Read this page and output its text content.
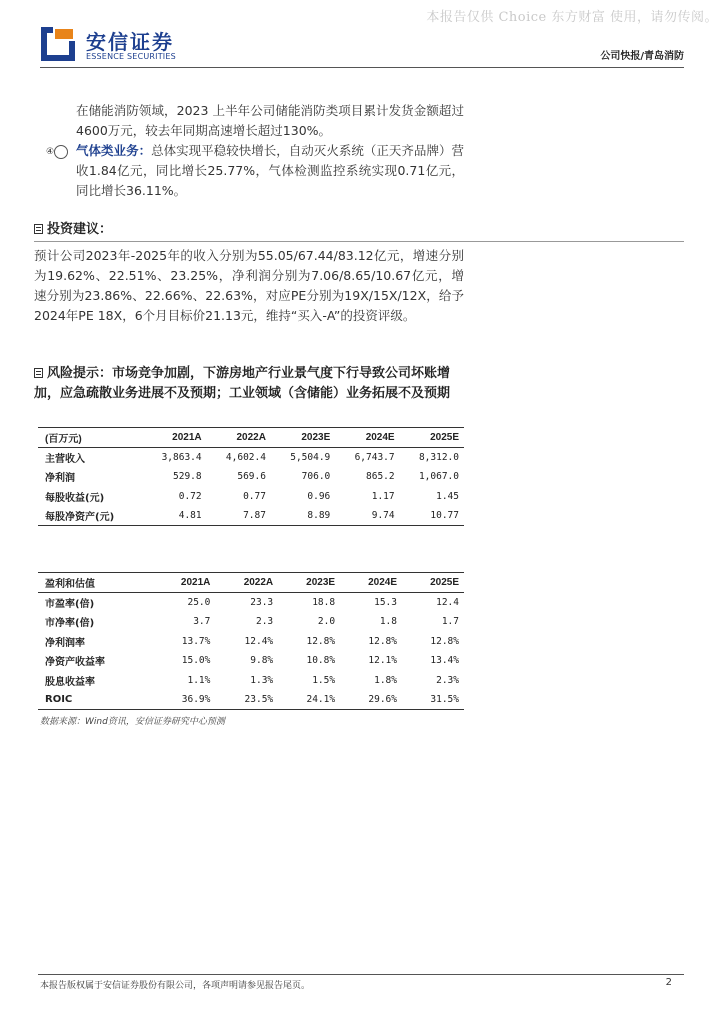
本报告仅供 Choice 东方财富 使用，请勿传阅。
安信证券
ESSENCE SECURITIES	公司快报/青岛消防
在储能消防领域，2023 上半年公司储能消防类项目累计发货金额超过4600万元，较去年同期高速增长超过130%。
④ 气体类业务：总体实现平稳较快增长，自动灭火系统（正天齐品牌）营收1.84亿元，同比增长25.77%，气体检测监控系统实现0.71亿元，同比增长36.11%。
投资建议：
预计公司2023年-2025年的收入分别为55.05/67.44/83.12亿元，增速分别为19.62%、22.51%、23.25%，净利润分别为7.06/8.65/10.67亿元，增速分别为23.86%、22.66%、22.63%，对应PE分别为19X/15X/12X，给予2024年PE 18X，6个月目标价21.13元，维持“买入-A”的投资评级。
风险提示：市场竞争加剧，下游房地产行业景气度下行导致公司坏账增加，应急疏散业务进展不及预期；工业领域（含储能）业务拓展不及预期
(百万元)	2021A	2022A	2023E	2024E	2025E
主营收入	3,863.4	4,602.4	5,504.9	6,743.7	8,312.0
净利润	529.8	569.6	706.0	865.2	1,067.0
每股收益(元)	0.72	0.77	0.96	1.17	1.45
每股净资产(元)	4.81	7.87	8.89	9.74	10.77
盈利和估值	2021A	2022A	2023E	2024E	2025E
市盈率(倍)	25.0	23.3	18.8	15.3	12.4
市净率(倍)	3.7	2.3	2.0	1.8	1.7
净利润率	13.7%	12.4%	12.8%	12.8%	12.8%
净资产收益率	15.0%	9.8%	10.8%	12.1%	13.4%
股息收益率	1.1%	1.3%	1.5%	1.8%	2.3%
ROIC	36.9%	23.5%	24.1%	29.6%	31.5%
数据来源：Wind资讯，安信证券研究中心预测
本报告版权属于安信证券股份有限公司，各项声明请参见报告尾页。	2
